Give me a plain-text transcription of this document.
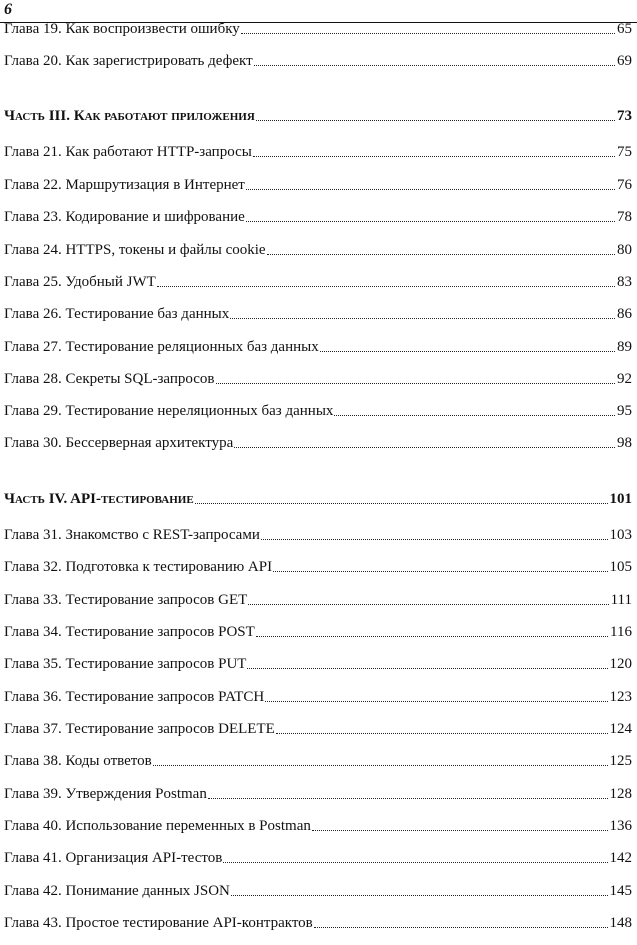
6
Глава 19. Как воспроизвести ошибку	65
Глава 20. Как зарегистрировать дефект	69
Часть III. Как работают приложения	73
Глава 21. Как работают HTTP-запросы	75
Глава 22. Маршрутизация в Интернет	76
Глава 23. Кодирование и шифрование	78
Глава 24. HTTPS, токены и файлы cookie	80
Глава 25. Удобный JWT	83
Глава 26. Тестирование баз данных	86
Глава 27. Тестирование реляционных баз данных	89
Глава 28. Секреты SQL-запросов	92
Глава 29. Тестирование нереляционных баз данных	95
Глава 30. Бессерверная архитектура	98
Часть IV. API-тестирование	101
Глава 31. Знакомство с REST-запросами	103
Глава 32. Подготовка к тестированию API	105
Глава 33. Тестирование запросов GET	111
Глава 34. Тестирование запросов POST	116
Глава 35. Тестирование запросов PUT	120
Глава 36. Тестирование запросов PATCH	123
Глава 37. Тестирование запросов DELETE	124
Глава 38. Коды ответов	125
Глава 39. Утверждения Postman	128
Глава 40. Использование переменных в Postman	136
Глава 41. Организация API-тестов	142
Глава 42. Понимание данных JSON	145
Глава 43. Простое тестирование API-контрактов	148
